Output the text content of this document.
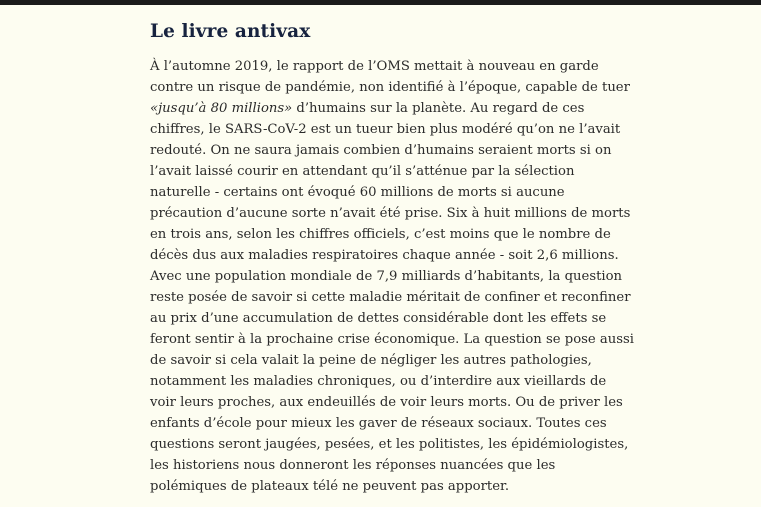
Le livre antivax
À l’automne 2019, le rapport de l’OMS mettait à nouveau en garde
contre un risque de pandémie, non identifié à l’époque, capable de tuer
«jusqu’à 80 millions» d’humains sur la planète. Au regard de ces
chiffres, le SARS-CoV-2 est un tueur bien plus modéré qu’on ne l’avait
redouté. On ne saura jamais combien d’humains seraient morts si on
l’avait laissé courir en attendant qu’il s’atténue par la sélection
naturelle - certains ont évoqué 60 millions de morts si aucune
précaution d’aucune sorte n’avait été prise. Six à huit millions de morts
en trois ans, selon les chiffres officiels, c’est moins que le nombre de
décès dus aux maladies respiratoires chaque année - soit 2,6 millions.
Avec une population mondiale de 7,9 milliards d’habitants, la question
reste posée de savoir si cette maladie méritait de confiner et reconfiner
au prix d’une accumulation de dettes considérable dont les effets se
feront sentir à la prochaine crise économique. La question se pose aussi
de savoir si cela valait la peine de négliger les autres pathologies,
notamment les maladies chroniques, ou d’interdire aux vieillards de
voir leurs proches, aux endeuillés de voir leurs morts. Ou de priver les
enfants d’école pour mieux les gaver de réseaux sociaux. Toutes ces
questions seront jaugées, pesées, et les politistes, les épidémiologistes,
les historiens nous donneront les réponses nuancées que les
polémiques de plateaux télé ne peuvent pas apporter.
